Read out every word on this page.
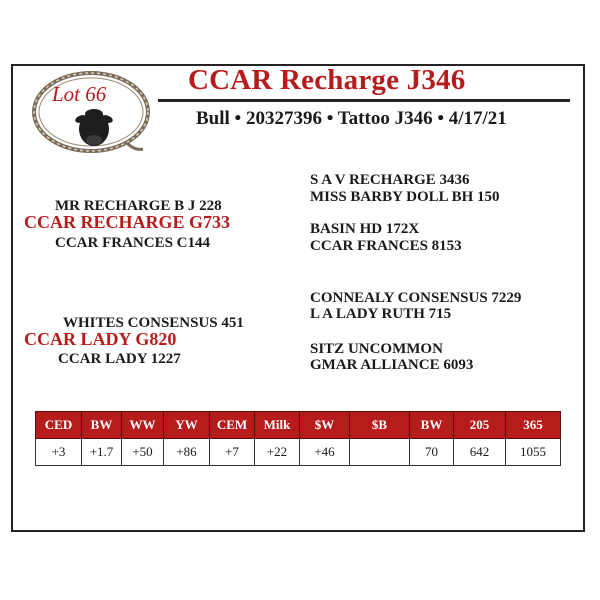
Lot 66	CCAR Recharge J346
Bull • 20327396 • Tattoo J346 • 4/17/21
S A V RECHARGE 3436
MISS BARBY DOLL BH 150
MR RECHARGE B J 228
CCAR RECHARGE G733	BASIN HD 172X
CCAR FRANCES C144	CCAR FRANCES 8153
CONNEALY CONSENSUS 7229
L A LADY RUTH 715
WHITES CONSENSUS 451
CCAR LADY G820	SITZ UNCOMMON
CCAR LADY 1227	GMAR ALLIANCE 6093
CED	BW	WW	YW	CEM	Milk	$W	$B	BW	205	365
+3	+1.7	+50	+86	+7	+22	+46		70	642	1055
